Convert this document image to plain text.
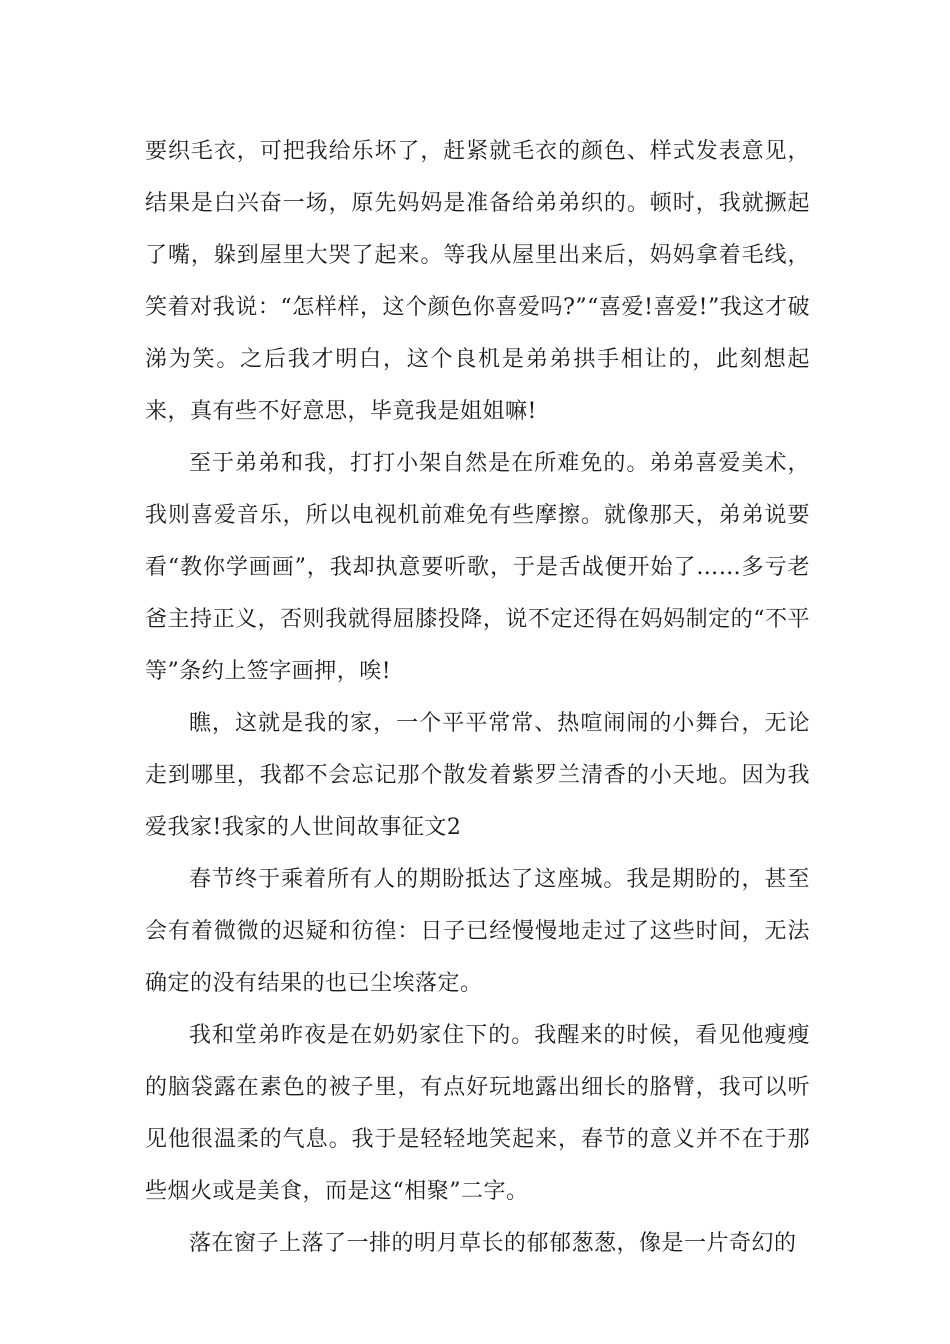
要织毛衣，可把我给乐坏了，赶紧就毛衣的颜色、样式发表意见，结果是白兴奋一场，原先妈妈是准备给弟弟织的。顿时，我就撅起了嘴，躲到屋里大哭了起来。等我从屋里出来后，妈妈拿着毛线，笑着对我说：“怎样样，这个颜色你喜爱吗?”“喜爱!喜爱!”我这才破涕为笑。之后我才明白，这个良机是弟弟拱手相让的，此刻想起来，真有些不好意思，毕竟我是姐姐嘛!

至于弟弟和我，打打小架自然是在所难免的。弟弟喜爱美术，我则喜爱音乐，所以电视机前难免有些摩擦。就像那天，弟弟说要看“教你学画画”，我却执意要听歌，于是舌战便开始了……多亏老爸主持正义，否则我就得屈膝投降，说不定还得在妈妈制定的“不平等”条约上签字画押，唉!

瞧，这就是我的家，一个平平常常、热喧闹闹的小舞台，无论走到哪里，我都不会忘记那个散发着紫罗兰清香的小天地。因为我爱我家!我家的人世间故事征文2

春节终于乘着所有人的期盼抵达了这座城。我是期盼的，甚至会有着微微的迟疑和彷徨：日子已经慢慢地走过了这些时间，无法确定的没有结果的也已尘埃落定。

我和堂弟昨夜是在奶奶家住下的。我醒来的时候，看见他瘦瘦的脑袋露在素色的被子里，有点好玩地露出细长的胳臂，我可以听见他很温柔的气息。我于是轻轻地笑起来，春节的意义并不在于那些烟火或是美食，而是这“相聚”二字。

落在窗子上落了一排的明月草长的郁郁葱葱，像是一片奇幻的
